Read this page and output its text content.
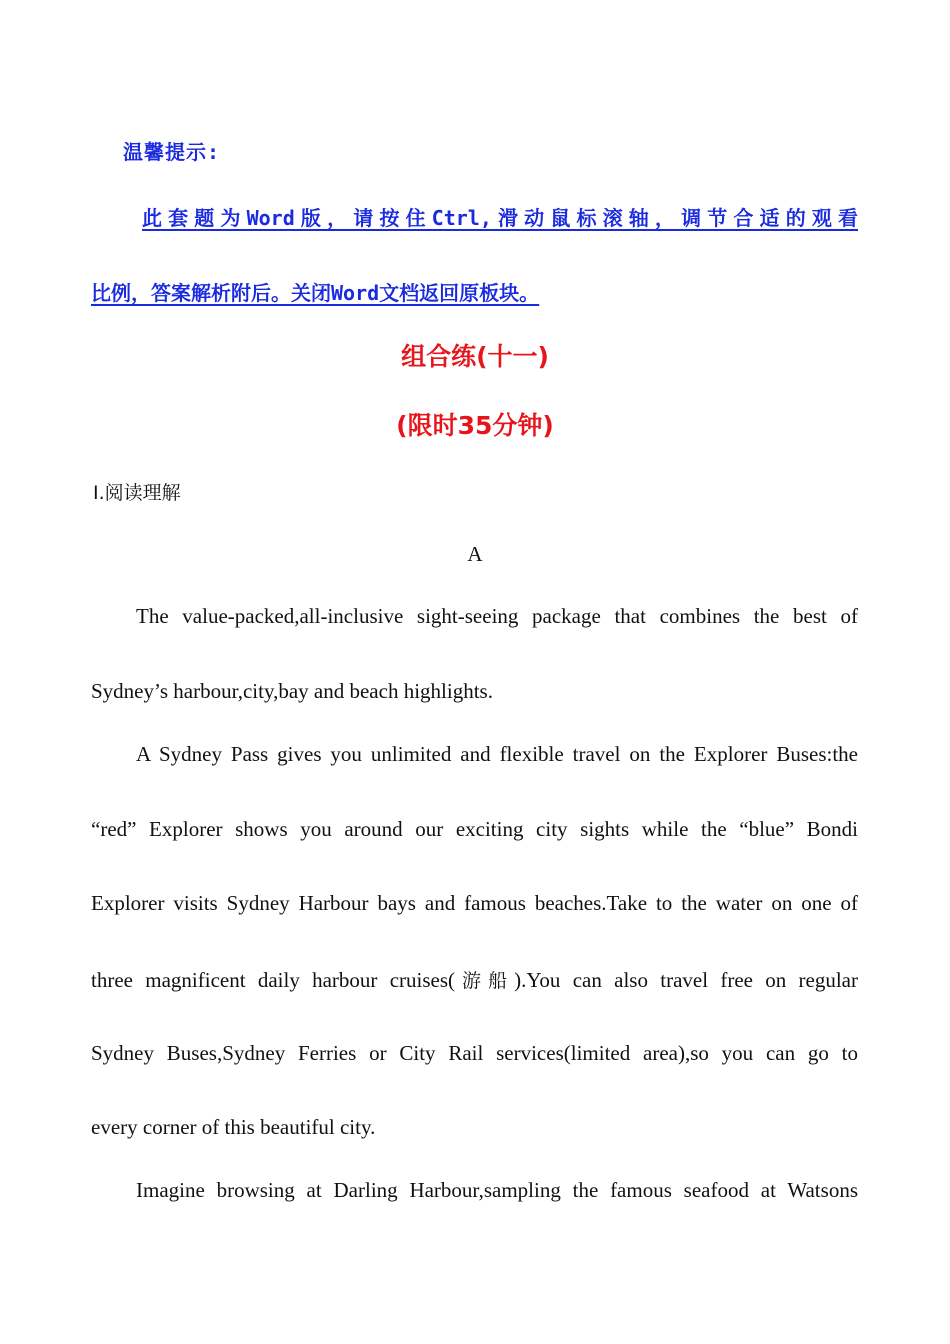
温馨提示:

此套题为Word版，请按住Ctrl,滑动鼠标滚轴，调节合适的观看

比例，答案解析附后。关闭Word文档返回原板块。

组合练(十一)
(限时35分钟)

Ⅰ.阅读理解

A

The value-packed,all-inclusive sight-seeing package that combines the best of

Sydney’s harbour,city,bay and beach highlights.

A Sydney Pass gives you unlimited and flexible travel on the Explorer Buses:the

“red” Explorer shows you around our exciting city sights while the “blue” Bondi

Explorer visits Sydney Harbour bays and famous beaches.Take to the water on one of

three magnificent daily harbour cruises(游船).You can also travel free on regular

Sydney Buses,Sydney Ferries or City Rail services(limited area),so you can go to

every corner of this beautiful city.

Imagine browsing at Darling Harbour,sampling the famous seafood at Watsons
